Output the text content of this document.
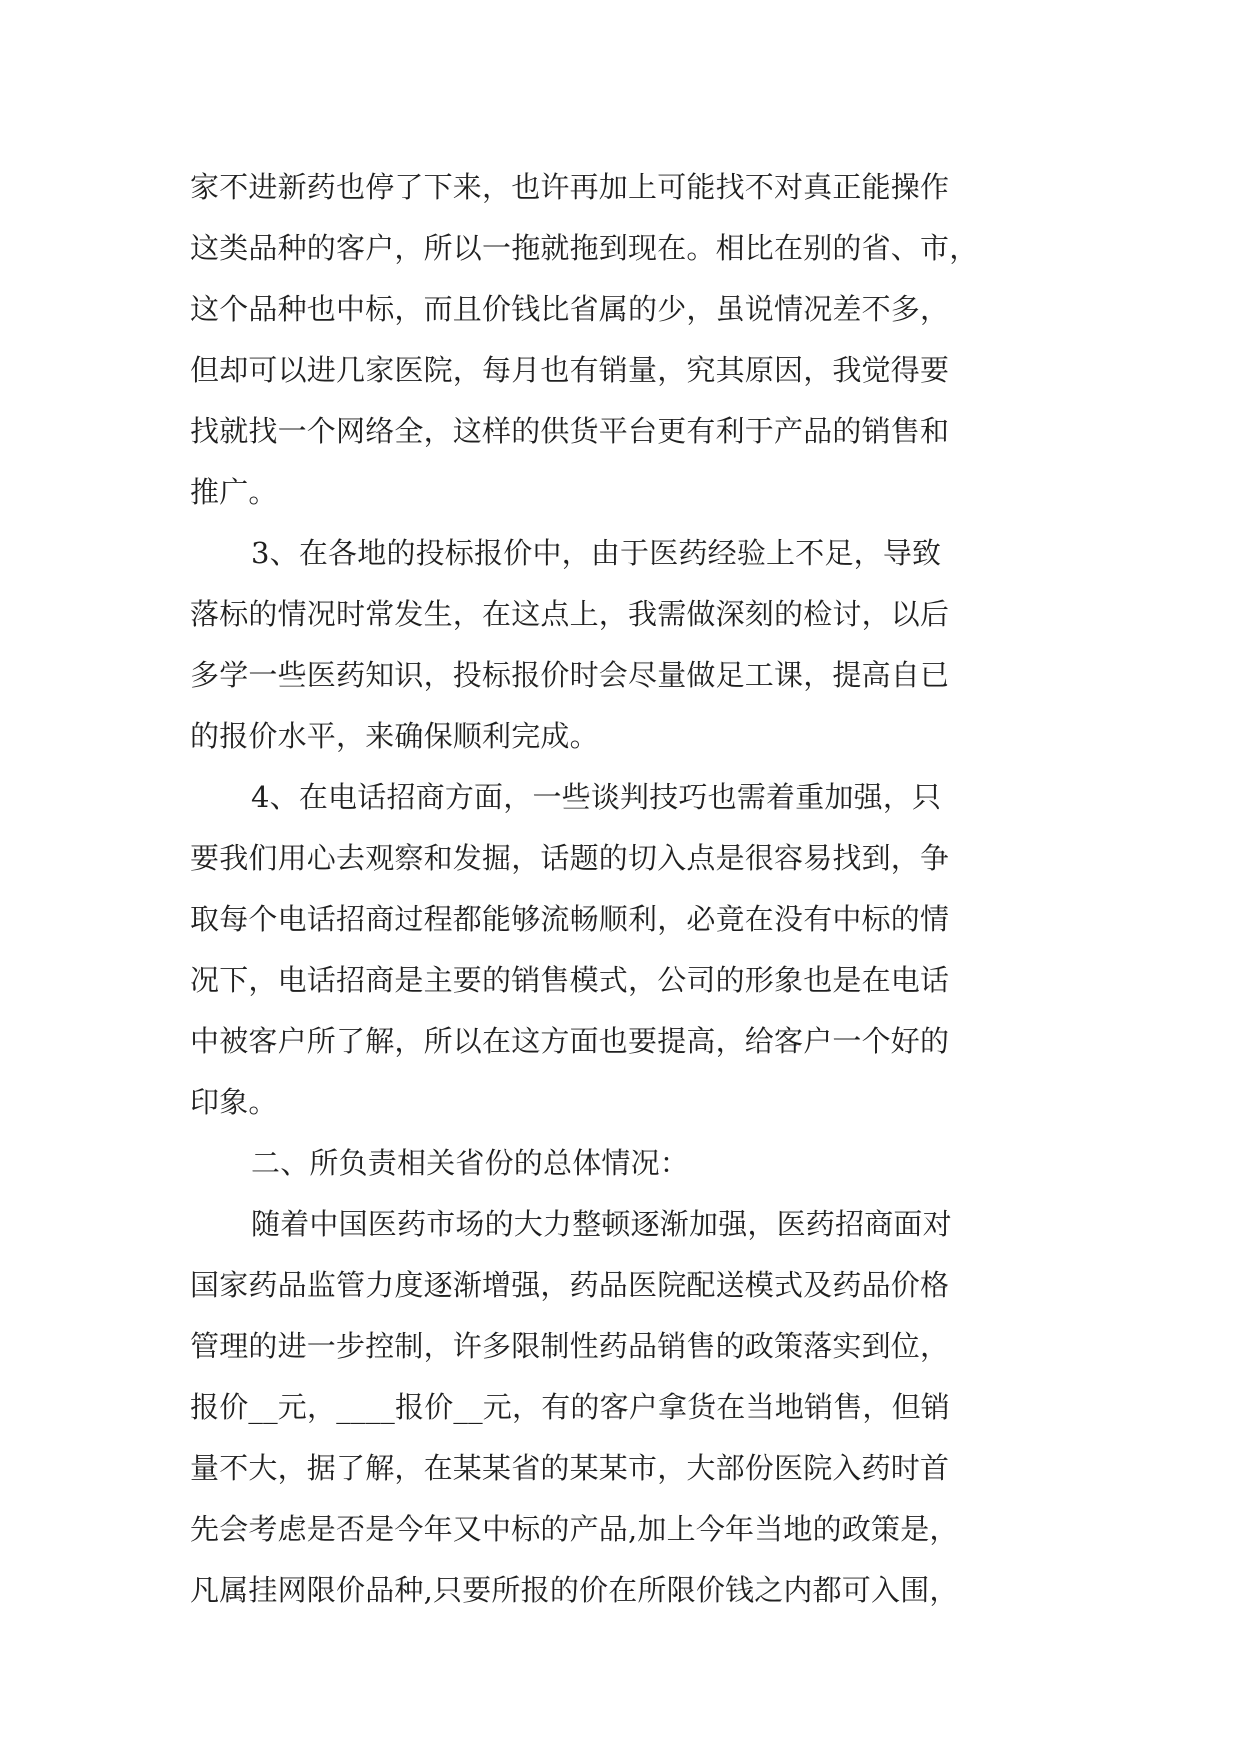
家不进新药也停了下来，也许再加上可能找不对真正能操作
这类品种的客户，所以一拖就拖到现在。相比在别的省、市，
这个品种也中标，而且价钱比省属的少，虽说情况差不多，
但却可以进几家医院，每月也有销量，究其原因，我觉得要
找就找一个网络全，这样的供货平台更有利于产品的销售和
推广。
3、在各地的投标报价中，由于医药经验上不足，导致
落标的情况时常发生，在这点上，我需做深刻的检讨，以后
多学一些医药知识，投标报价时会尽量做足工课，提高自已
的报价水平，来确保顺利完成。
4、在电话招商方面，一些谈判技巧也需着重加强，只
要我们用心去观察和发掘，话题的切入点是很容易找到，争
取每个电话招商过程都能够流畅顺利，必竟在没有中标的情
况下，电话招商是主要的销售模式，公司的形象也是在电话
中被客户所了解，所以在这方面也要提高，给客户一个好的
印象。
二、所负责相关省份的总体情况：
随着中国医药市场的大力整顿逐渐加强，医药招商面对
国家药品监管力度逐渐增强，药品医院配送模式及药品价格
管理的进一步控制，许多限制性药品销售的政策落实到位，
报价__元，____报价__元，有的客户拿货在当地销售，但销
量不大，据了解，在某某省的某某市，大部份医院入药时首
先会考虑是否是今年又中标的产品,加上今年当地的政策是，
凡属挂网限价品种,只要所报的价在所限价钱之内都可入围，
